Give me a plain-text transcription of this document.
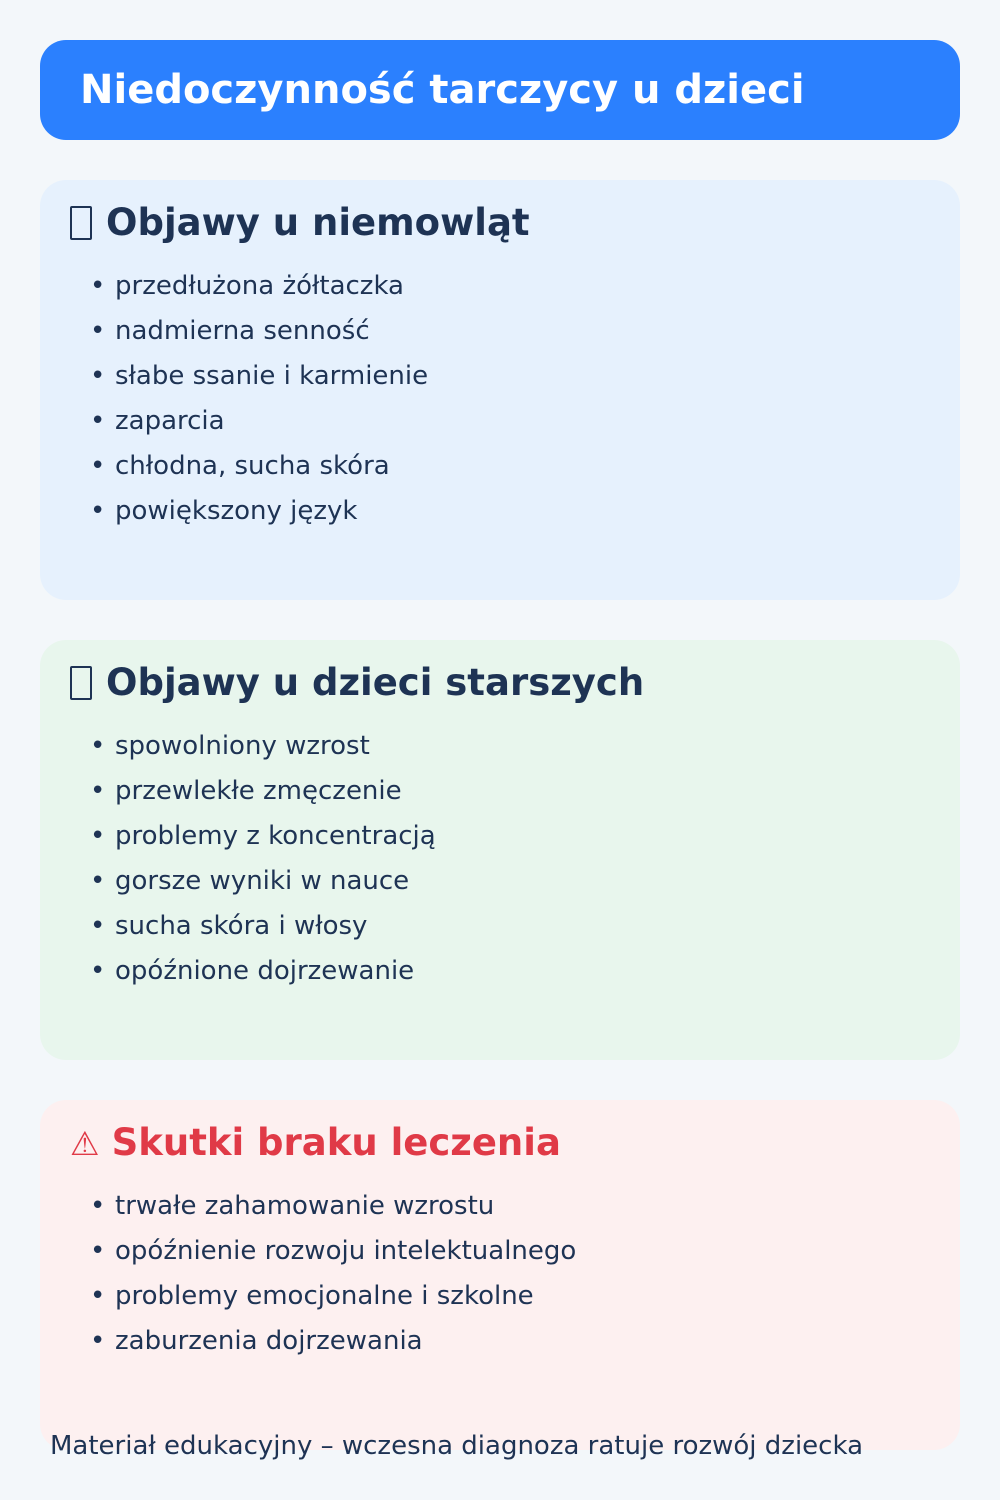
Niedoczynność tarczycy u dzieci
Objawy u niemowląt
• przedłużona żółtaczka
• nadmierna senność
• słabe ssanie i karmienie
• zaparcia
• chłodna, sucha skóra
• powiększony język
Objawy u dzieci starszych
• spowolniony wzrost
• przewlekłe zmęczenie
• problemy z koncentracją
• gorsze wyniki w nauce
• sucha skóra i włosy
• opóźnione dojrzewanie
⚠ Skutki braku leczenia
• trwałe zahamowanie wzrostu
• opóźnienie rozwoju intelektualnego
• problemy emocjonalne i szkolne
• zaburzenia dojrzewania

Materiał edukacyjny – wczesna diagnoza ratuje rozwój dziecka
